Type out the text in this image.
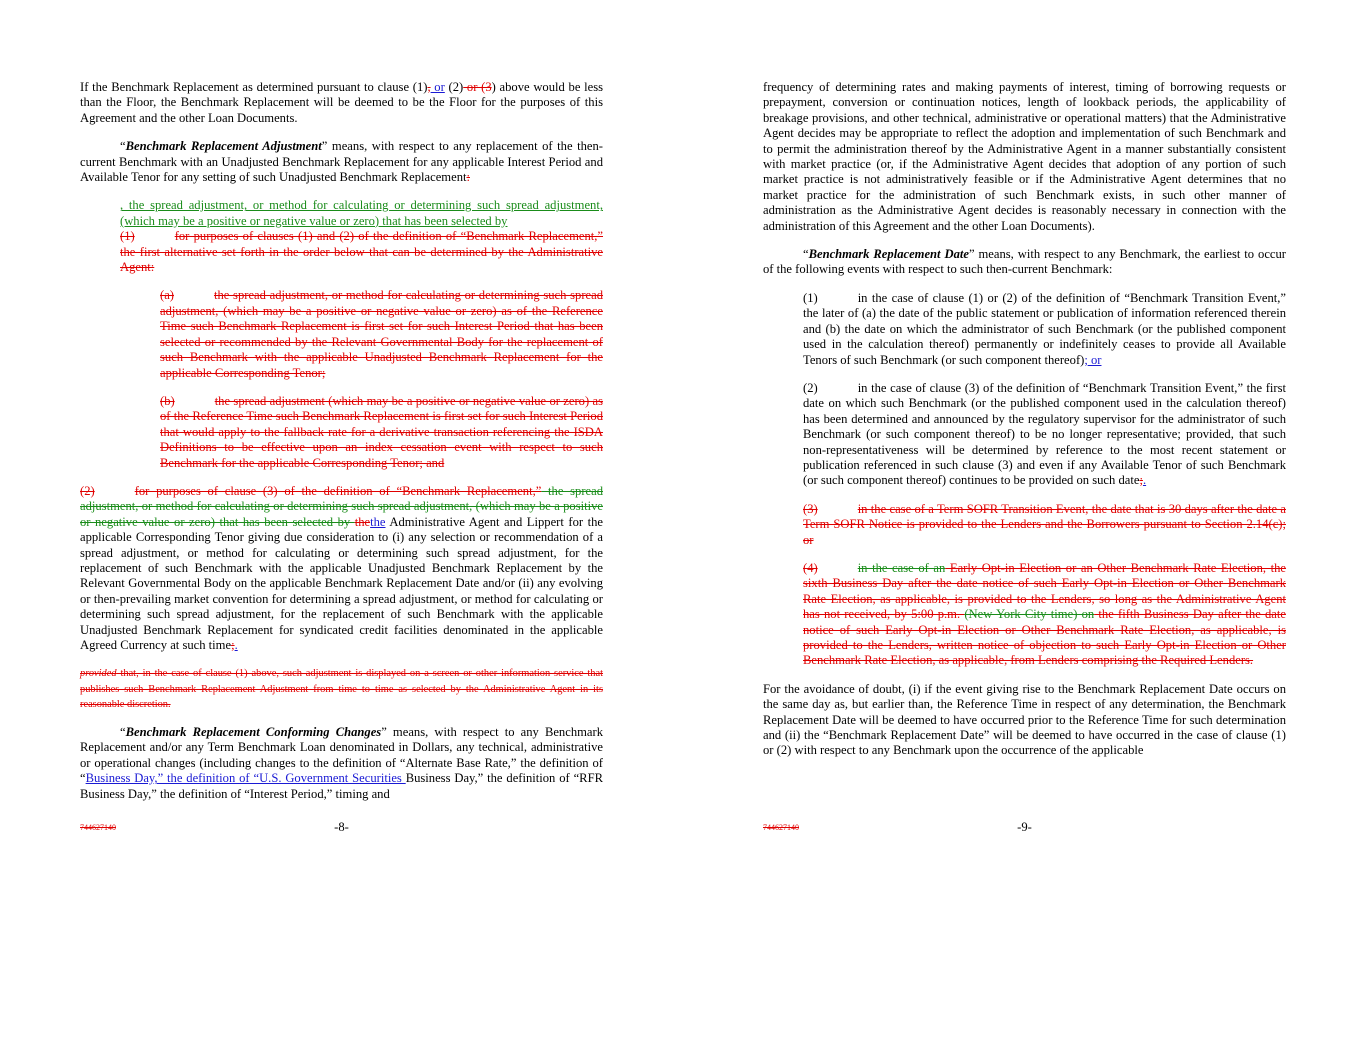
If the Benchmark Replacement as determined pursuant to clause (1), or (2) or (3) above would be less than the Floor, the Benchmark Replacement will be deemed to be the Floor for the purposes of this Agreement and the other Loan Documents.

“Benchmark Replacement Adjustment” means, with respect to any replacement of the then-current Benchmark with an Unadjusted Benchmark Replacement for any applicable Interest Period and Available Tenor for any setting of such Unadjusted Benchmark Replacement:

, the spread adjustment, or method for calculating or determining such spread adjustment, (which may be a positive or negative value or zero) that has been selected by
(1)	for purposes of clauses (1) and (2) of the definition of “Benchmark Replacement,” the first alternative set forth in the order below that can be determined by the Administrative Agent:

(a)	the spread adjustment, or method for calculating or determining such spread adjustment, (which may be a positive or negative value or zero) as of the Reference Time such Benchmark Replacement is first set for such Interest Period that has been selected or recommended by the Relevant Governmental Body for the replacement of such Benchmark with the applicable Unadjusted Benchmark Replacement for the applicable Corresponding Tenor;

(b)	the spread adjustment (which may be a positive or negative value or zero) as of the Reference Time such Benchmark Replacement is first set for such Interest Period that would apply to the fallback rate for a derivative transaction referencing the ISDA Definitions to be effective upon an index cessation event with respect to such Benchmark for the applicable Corresponding Tenor; and

(2)	for purposes of clause (3) of the definition of “Benchmark Replacement,” the spread adjustment, or method for calculating or determining such spread adjustment, (which may be a positive or negative value or zero) that has been selected by thethe Administrative Agent and Lippert for the applicable Corresponding Tenor giving due consideration to (i) any selection or recommendation of a spread adjustment, or method for calculating or determining such spread adjustment, for the replacement of such Benchmark with the applicable Unadjusted Benchmark Replacement by the Relevant Governmental Body on the applicable Benchmark Replacement Date and/or (ii) any evolving or then-prevailing market convention for determining a spread adjustment, or method for calculating or determining such spread adjustment, for the replacement of such Benchmark with the applicable Unadjusted Benchmark Replacement for syndicated credit facilities denominated in the applicable Agreed Currency at such time;.

provided that, in the case of clause (1) above, such adjustment is displayed on a screen or other information service that publishes such Benchmark Replacement Adjustment from time to time as selected by the Administrative Agent in its reasonable discretion.

“Benchmark Replacement Conforming Changes” means, with respect to any Benchmark Replacement and/or any Term Benchmark Loan denominated in Dollars, any technical, administrative or operational changes (including changes to the definition of “Alternate Base Rate,” the definition of “Business Day,” the definition of “U.S. Government Securities Business Day,” the definition of “RFR Business Day,” the definition of “Interest Period,” timing and

frequency of determining rates and making payments of interest, timing of borrowing requests or prepayment, conversion or continuation notices, length of lookback periods, the applicability of breakage provisions, and other technical, administrative or operational matters) that the Administrative Agent decides may be appropriate to reflect the adoption and implementation of such Benchmark and to permit the administration thereof by the Administrative Agent in a manner substantially consistent with market practice (or, if the Administrative Agent decides that adoption of any portion of such market practice is not administratively feasible or if the Administrative Agent determines that no market practice for the administration of such Benchmark exists, in such other manner of administration as the Administrative Agent decides is reasonably necessary in connection with the administration of this Agreement and the other Loan Documents).

“Benchmark Replacement Date” means, with respect to any Benchmark, the earliest to occur of the following events with respect to such then-current Benchmark:

(1)	in the case of clause (1) or (2) of the definition of “Benchmark Transition Event,” the later of (a) the date of the public statement or publication of information referenced therein and (b) the date on which the administrator of such Benchmark (or the published component used in the calculation thereof) permanently or indefinitely ceases to provide all Available Tenors of such Benchmark (or such component thereof); or

(2)	in the case of clause (3) of the definition of “Benchmark Transition Event,” the first date on which such Benchmark (or the published component used in the calculation thereof) has been determined and announced by the regulatory supervisor for the administrator of such Benchmark (or such component thereof) to be no longer representative; provided, that such non-representativeness will be determined by reference to the most recent statement or publication referenced in such clause (3) and even if any Available Tenor of such Benchmark (or such component thereof) continues to be provided on such date;.

(3)	in the case of a Term SOFR Transition Event, the date that is 30 days after the date a Term SOFR Notice is provided to the Lenders and the Borrowers pursuant to Section 2.14(c); or

(4)	in the case of an Early Opt-in Election or an Other Benchmark Rate Election, the sixth Business Day after the date notice of such Early Opt-in Election or Other Benchmark Rate Election, as applicable, is provided to the Lenders, so long as the Administrative Agent has not received, by 5:00 p.m. (New York City time) on the fifth Business Day after the date notice of such Early Opt-in Election or Other Benchmark Rate Election, as applicable, is provided to the Lenders, written notice of objection to such Early Opt-in Election or Other Benchmark Rate Election, as applicable, from Lenders comprising the Required Lenders.

For the avoidance of doubt, (i) if the event giving rise to the Benchmark Replacement Date occurs on the same day as, but earlier than, the Reference Time in respect of any determination, the Benchmark Replacement Date will be deemed to have occurred prior to the Reference Time for such determination and (ii) the “Benchmark Replacement Date” will be deemed to have occurred in the case of clause (1) or (2) with respect to any Benchmark upon the occurrence of the applicable

744627140	-8-	744627140	-9-
